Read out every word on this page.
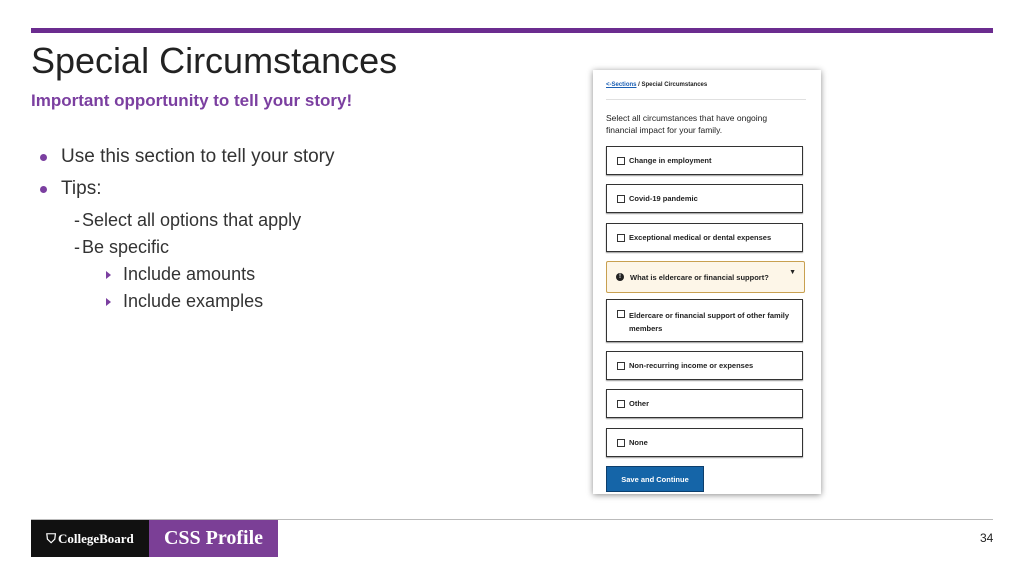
Special Circumstances
Important opportunity to tell your story!
Use this section to tell your story
Tips:
- Select all options that apply
- Be specific
Include amounts
Include examples
<-Sections / Special Circumstances
Select all circumstances that have ongoing financial impact for your family.
Change in employment
Covid-19 pandemic
Exceptional medical or dental expenses
!	What is eldercare or financial support?	▼
Eldercare or financial support of other family members
Non-recurring income or expenses
Other
None
Save and Continue
⛉ CollegeBoard	CSS Profile	34
